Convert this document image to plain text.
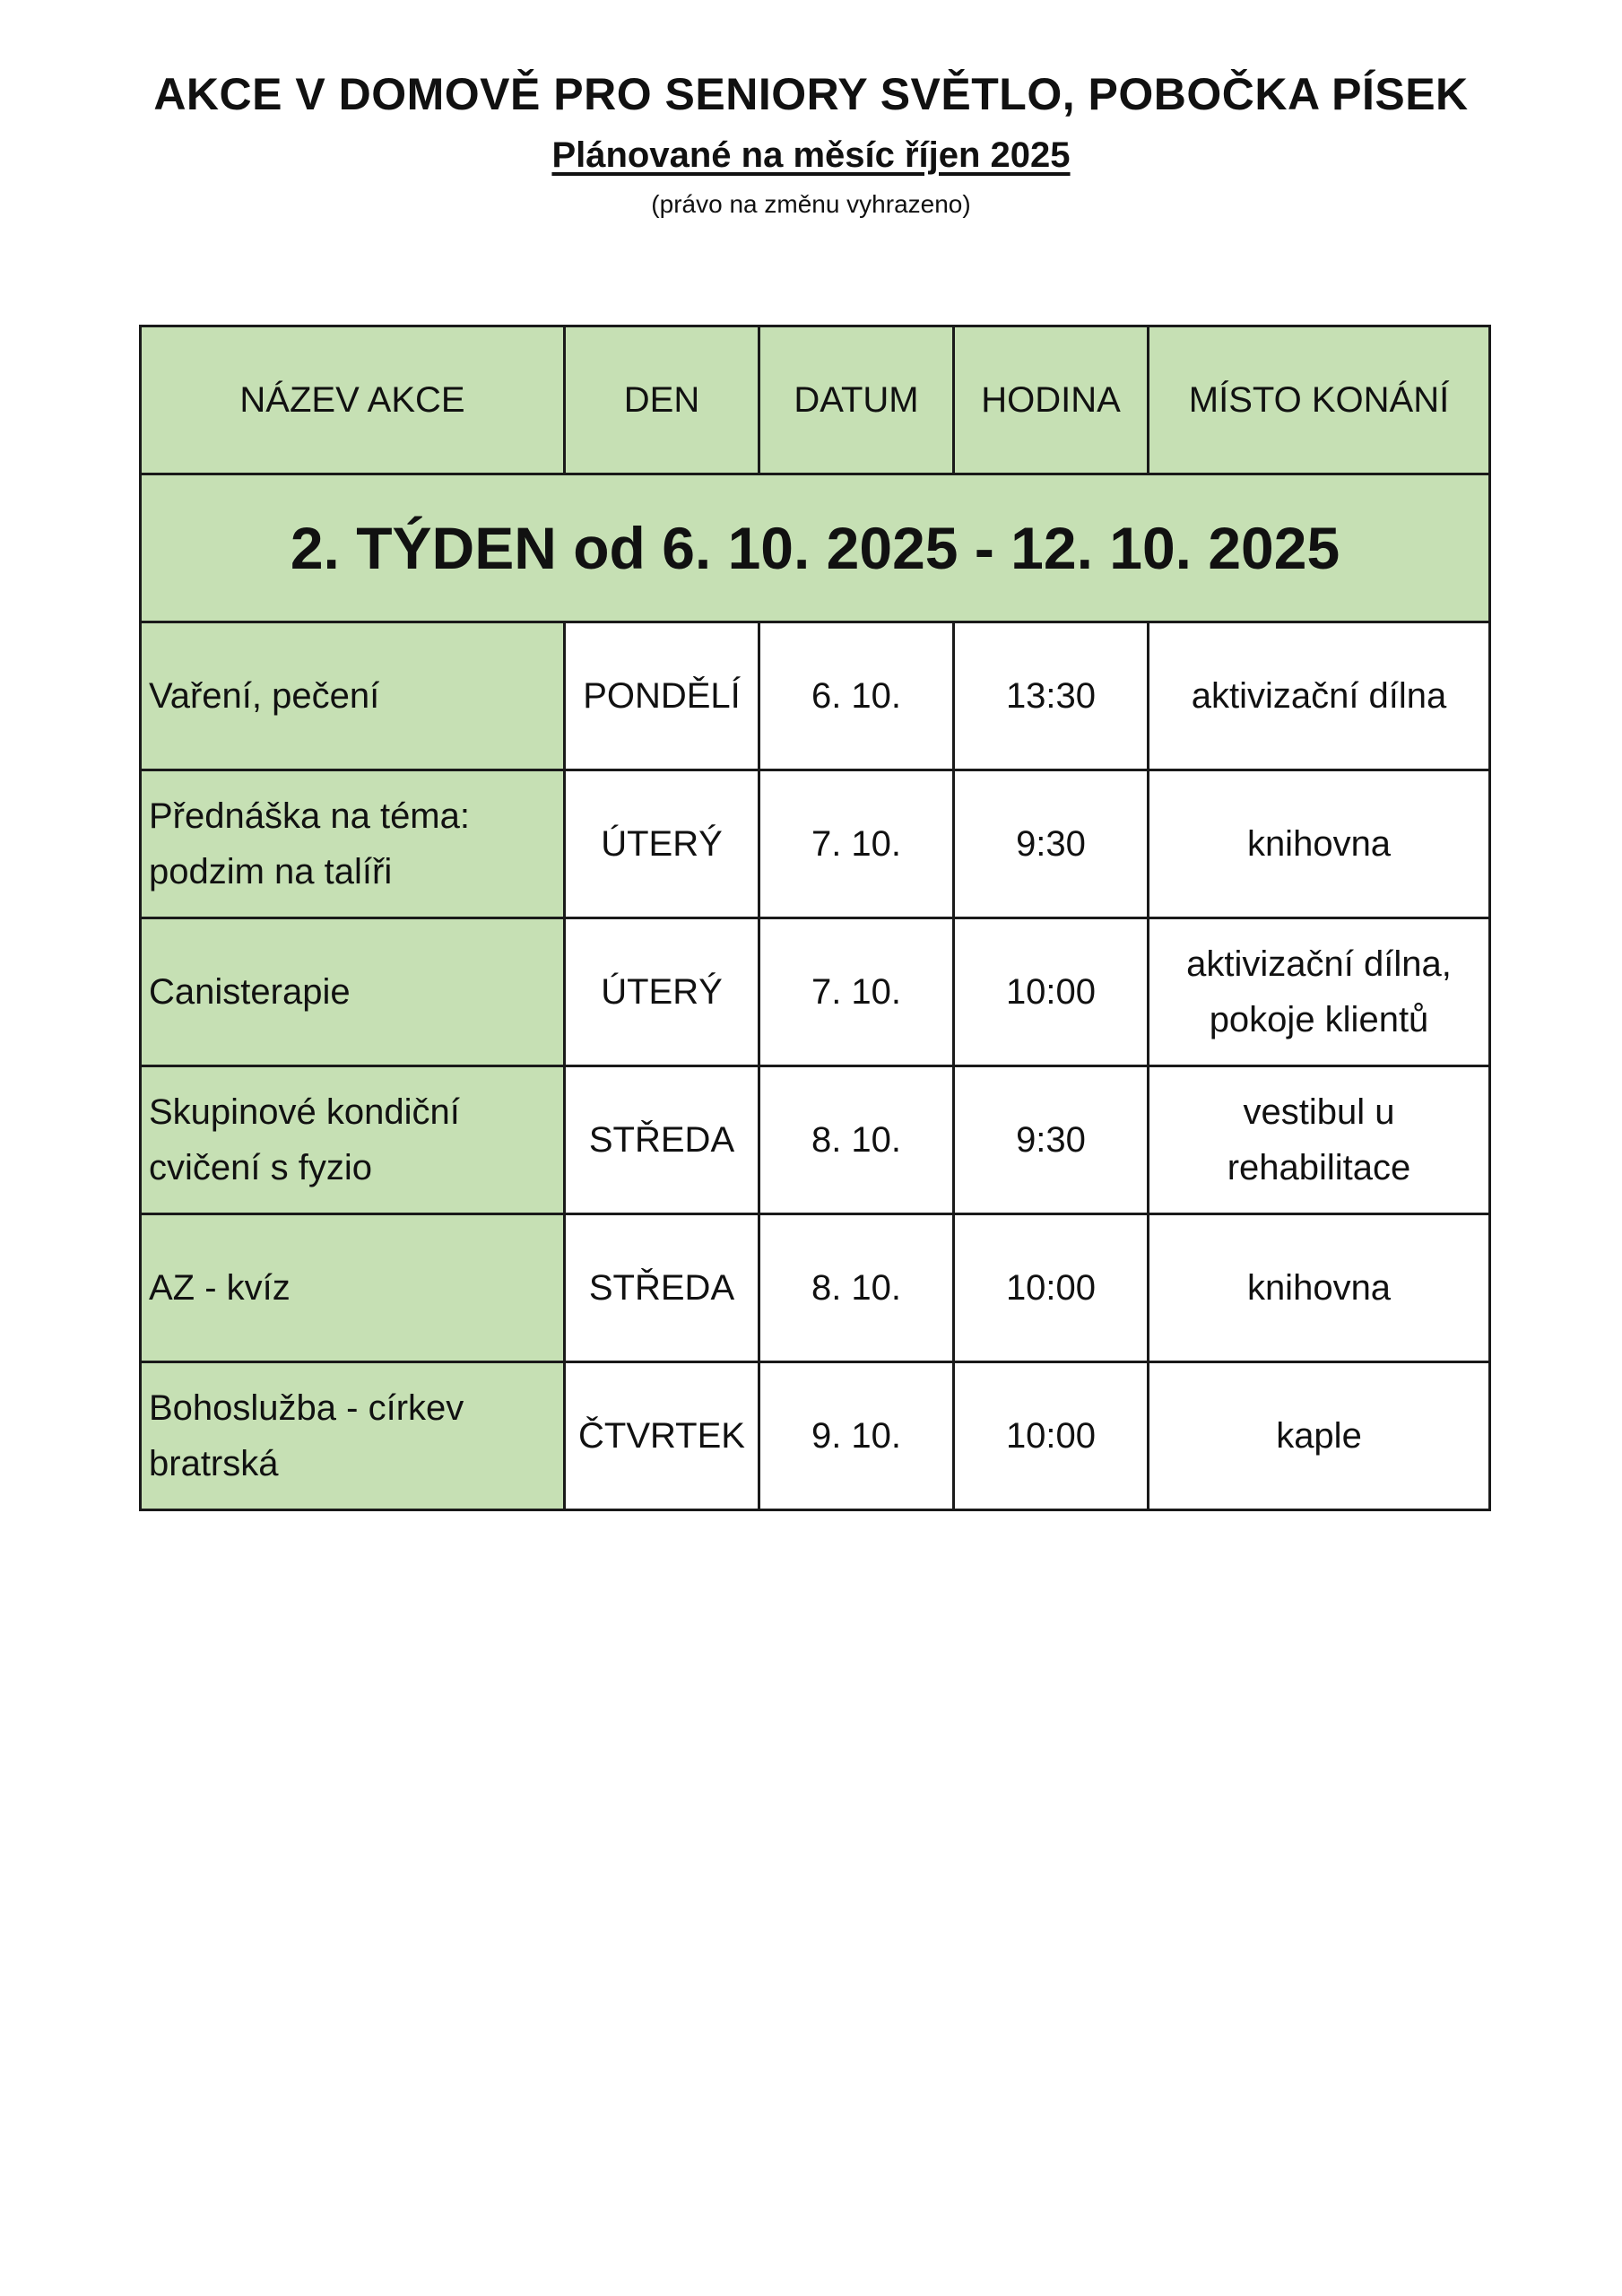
AKCE V DOMOVĚ PRO SENIORY SVĚTLO, POBOČKA PÍSEK

Plánované na měsíc říjen 2025

(právo na změnu vyhrazeno)

NÁZEV AKCE	DEN	DATUM	HODINA	MÍSTO KONÁNÍ
2. TÝDEN od 6. 10. 2025 - 12. 10. 2025				
Vaření, pečení	PONDĚLÍ	6. 10.	13:30	aktivizační dílna
Přednáška na téma: podzim na talíři	ÚTERÝ	7. 10.	9:30	knihovna
Canisterapie	ÚTERÝ	7. 10.	10:00	aktivizační dílna, pokoje klientů
Skupinové kondiční cvičení s fyzio	STŘEDA	8. 10.	9:30	vestibul u rehabilitace
AZ - kvíz	STŘEDA	8. 10.	10:00	knihovna
Bohoslužba - církev bratrská	ČTVRTEK	9. 10.	10:00	kaple
